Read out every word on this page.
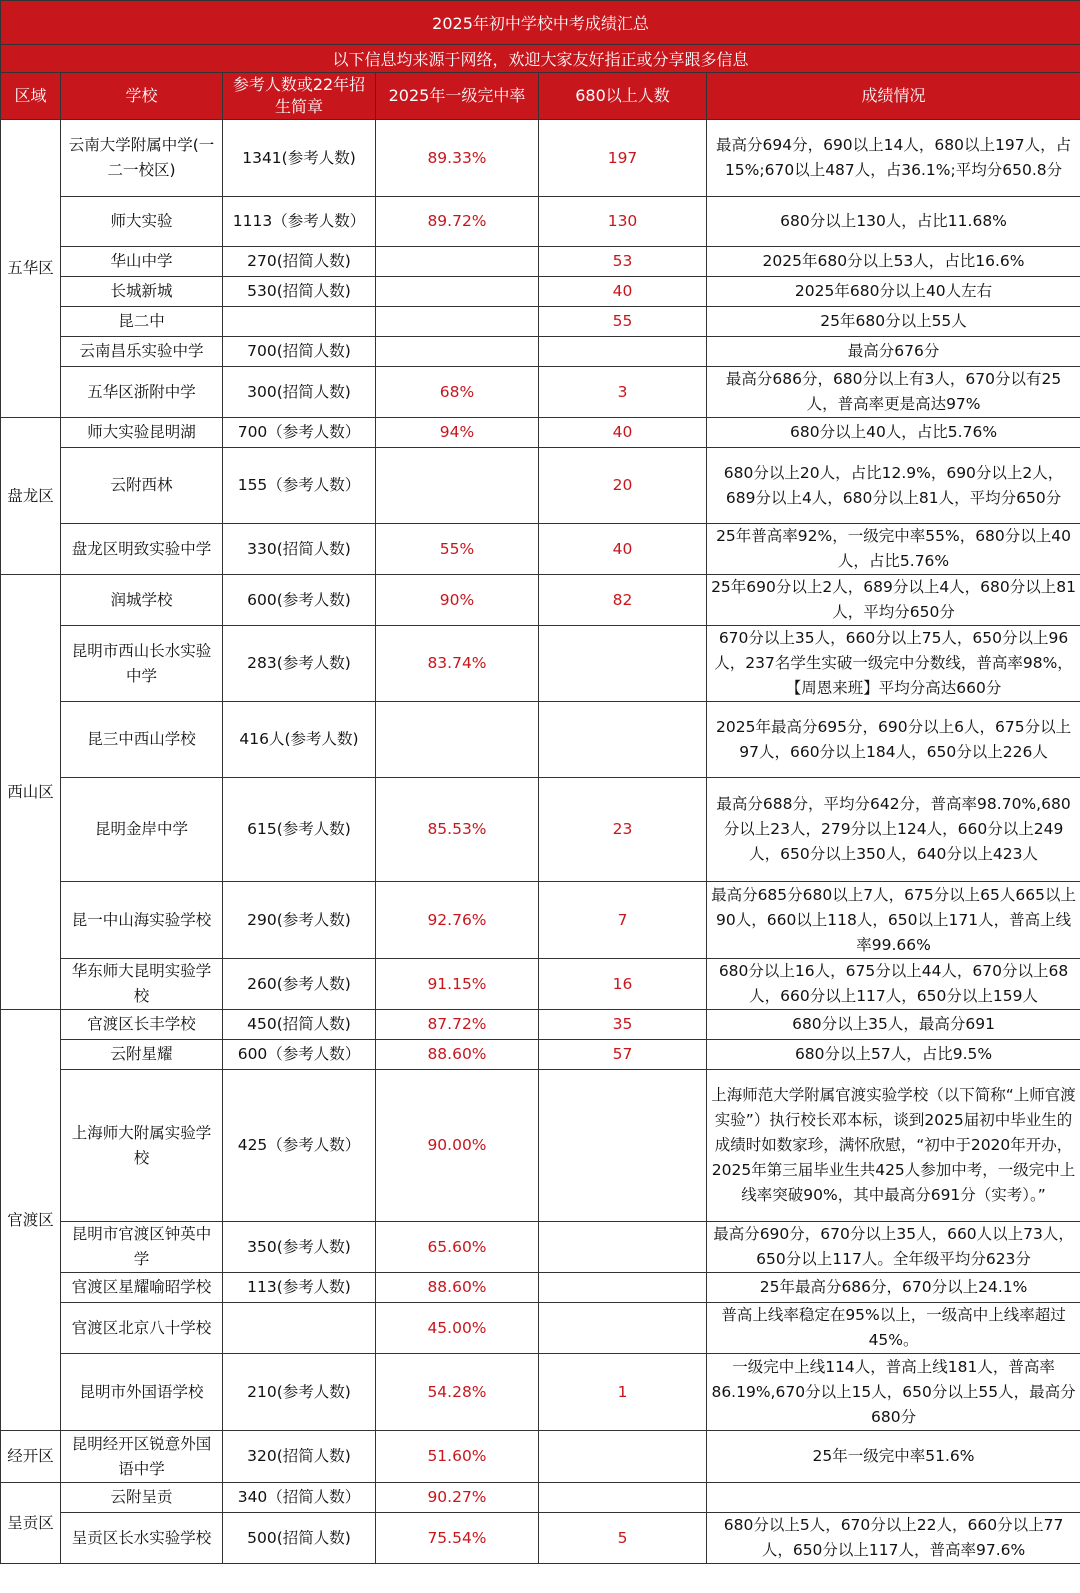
2025年初中学校中考成绩汇总					
以下信息均来源于网络，欢迎大家友好指正或分享跟多信息					
区域	学校	参考人数或22年招生简章	2025年一级完中率	680以上人数	成绩情况
五华区	云南大学附属中学(一二一校区)	1341(参考人数)	89.33%	197	最高分694分，690以上14人，680以上197人，占15%;670以上487人，占36.1%;平均分650.8分
	师大实验	1113（参考人数）	89.72%	130	680分以上130人，占比11.68%
	华山中学	270(招简人数)		53	2025年680分以上53人，占比16.6%
	长城新城	530(招简人数)		40	2025年680分以上40人左右
	昆二中			55	25年680分以上55人
	云南昌乐实验中学	700(招简人数)			最高分676分
	五华区浙附中学	300(招简人数)	68%	3	最高分686分，680分以上有3人，670分以有25人，普高率更是高达97%
盘龙区	师大实验昆明湖	700（参考人数）	94%	40	680分以上40人，占比5.76%
	云附西林	155（参考人数）		20	680分以上20人，占比12.9%，690分以上2人，689分以上4人，680分以上81人，平均分650分
	盘龙区明致实验中学	330(招简人数)	55%	40	25年普高率92%，一级完中率55%，680分以上40人，占比5.76%
西山区	润城学校	600(参考人数)	90%	82	25年690分以上2人，689分以上4人，680分以上81人，平均分650分
	昆明市西山长水实验中学	283(参考人数)	83.74%		670分以上35人，660分以上75人，650分以上96人，237名学生实破一级完中分数线，普高率98%，【周恩来班】平均分高达660分
	昆三中西山学校	416人(参考人数)			2025年最高分695分，690分以上6人，675分以上97人，660分以上184人，650分以上226人
	昆明金岸中学	615(参考人数)	85.53%	23	最高分688分，平均分642分，普高率98.70%,680分以上23人，279分以上124人，660分以上249人，650分以上350人，640分以上423人
	昆一中山海实验学校	290(参考人数)	92.76%	7	最高分685分680以上7人，675分以上65人665以上90人，660以上118人，650以上171人，普高上线率99.66%
	华东师大昆明实验学校	260(参考人数)	91.15%	16	680分以上16人，675分以上44人，670分以上68人，660分以上117人，650分以上159人
官渡区	官渡区长丰学校	450(招简人数)	87.72%	35	680分以上35人，最高分691
	云附星耀	600（参考人数）	88.60%	57	680分以上57人，占比9.5%
	上海师大附属实验学校	425（参考人数）	90.00%		上海师范大学附属官渡实验学校（以下简称“上师官渡实验”）执行校长邓本标，谈到2025届初中毕业生的成绩时如数家珍，满怀欣慰，“初中于2020年开办，2025年第三届毕业生共425人参加中考，一级完中上线率突破90%，其中最高分691分（实考）。”
	昆明市官渡区钟英中学	350(参考人数)	65.60%		最高分690分，670分以上35人，660人以上73人，650分以上117人。全年级平均分623分
	官渡区星耀喻昭学校	113(参考人数)	88.60%		25年最高分686分，670分以上24.1%
	官渡区北京八十学校		45.00%		普高上线率稳定在95%以上，一级高中上线率超过45%。
	昆明市外国语学校	210(参考人数)	54.28%	1	一级完中上线114人，普高上线181人，普高率86.19%,670分以上15人，650分以上55人，最高分680分
经开区	昆明经开区锐意外国语中学	320(招简人数)	51.60%		25年一级完中率51.6%
呈贡区	云附呈贡	340（招简人数）	90.27%		
	呈贡区长水实验学校	500(招简人数)	75.54%	5	680分以上5人，670分以上22人，660分以上77人，650分以上117人，普高率97.6%
